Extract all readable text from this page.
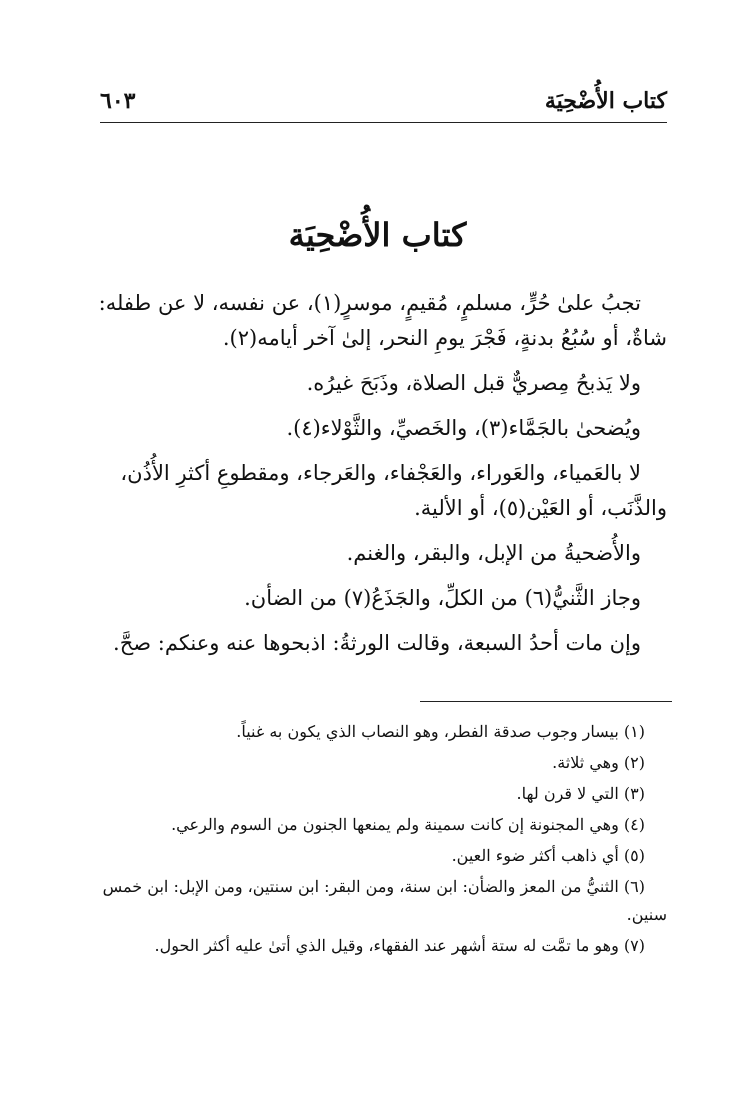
كتاب الأُضْحِيَة
٦٠٣
كتاب الأُضْحِيَة

تجبُ علىٰ حُرٍّ، مسلمٍ، مُقيمٍ، موسرٍ(١)، عن نفسه، لا عن طفله: شاةٌ، أو سُبُعُ بدنةٍ، فَجْرَ يومِ النحر، إلىٰ آخر أيامه(٢).

ولا يَذبحُ مِصريٌّ قبل الصلاة، وذَبَحَ غيرُه.

ويُضحىٰ بالجَمَّاء(٣)، والخَصيِّ، والثَّوْلاء(٤).

لا بالعَمياء، والعَوراء، والعَجْفاء، والعَرجاء، ومقطوعِ أكثرِ الأُذُن، والذَّنَب، أو العَيْن(٥)، أو الألية.

والأُضحيةُ من الإبل، والبقر، والغنم.

وجاز الثَّنيُّ(٦) من الكلِّ، والجَذَعُ(٧) من الضأن.

وإن مات أحدُ السبعة، وقالت الورثةُ: اذبحوها عنه وعنكم: صحَّ.

(١) بيسار وجوب صدقة الفطر، وهو النصاب الذي يكون به غنياً.

(٢) وهي ثلاثة.

(٣) التي لا قرن لها.

(٤) وهي المجنونة إن كانت سمينة ولم يمنعها الجنون من السوم والرعي.

(٥) أي ذاهب أكثر ضوء العين.

(٦) الثنيُّ من المعز والضأن: ابن سنة، ومن البقر: ابن سنتين، ومن الإبل: ابن خمس سنين.

(٧) وهو ما تمَّت له ستة أشهر عند الفقهاء، وقيل الذي أتىٰ عليه أكثر الحول.
